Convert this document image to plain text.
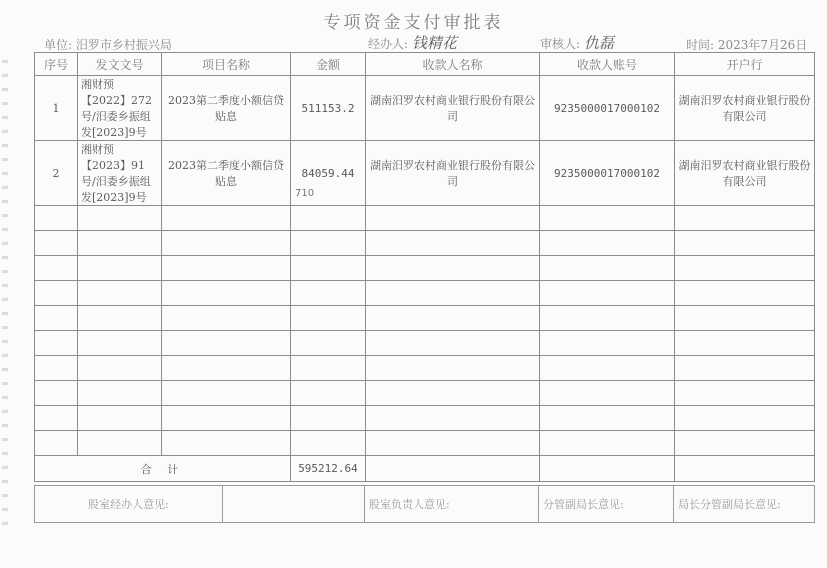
专项资金支付审批表
单位: 汨罗市乡村振兴局	经办人: 钱精花	审核人: 仇磊	时间: 2023年7月26日
序号	发文文号	项目名称	金额	收款人名称	收款人账号	开户行
1	湘财预【2022】272号/汨委乡振组发[2023]9号	2023第二季度小额信贷贴息	511153.2	湖南汨罗农村商业银行股份有限公司	9235000017000102	湖南汨罗农村商业银行股份有限公司
2	湘财预【2023】91号/汨委乡振组发[2023]9号	2023第二季度小额信贷贴息	84059.44	湖南汨罗农村商业银行股份有限公司	9235000017000102	湖南汨罗农村商业银行股份有限公司

合 计			595212.64			
710
股室经办人意见:		股室负责人意见:	分管副局长意见:	局长分管副局长意见:
